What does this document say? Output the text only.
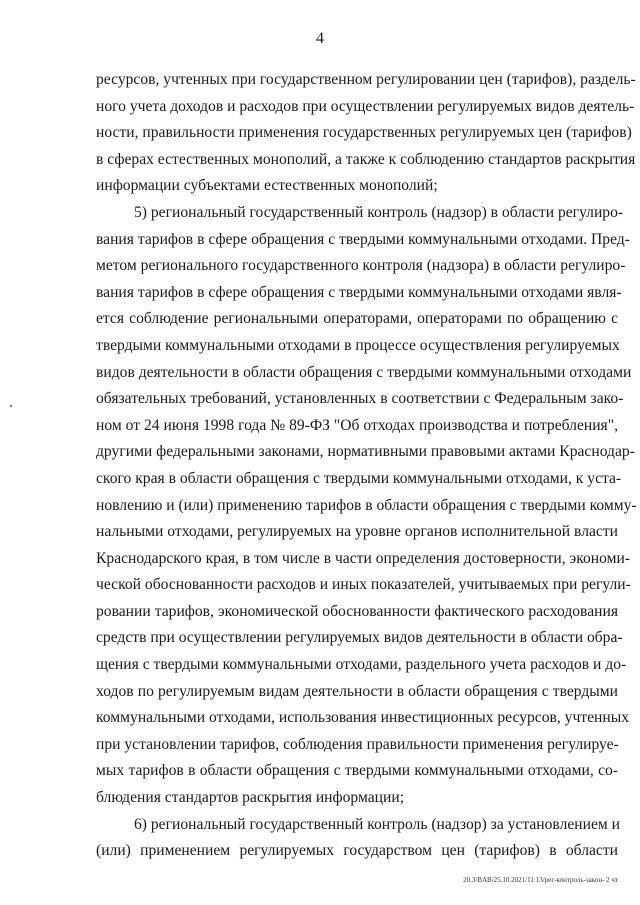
4
ресурсов, учтенных при государственном регулировании цен (тарифов), раздель-
ного учета доходов и расходов при осуществлении регулируемых видов деятель-
ности, правильности применения государственных регулируемых цен (тарифов)
в сферах естественных монополий, а также к соблюдению стандартов раскрытия
информации субъектами естественных монополий;
5) региональный государственный контроль (надзор) в области регулиро-
вания тарифов в сфере обращения с твердыми коммунальными отходами. Пред-
метом регионального государственного контроля (надзора) в области регулиро-
вания тарифов в сфере обращения с твердыми коммунальными отходами явля-
ется соблюдение региональными операторами, операторами по обращению с
твердыми коммунальными отходами в процессе осуществления регулируемых
видов деятельности в области обращения с твердыми коммунальными отходами
обязательных требований, установленных в соответствии с Федеральным зако-
ном от 24 июня 1998 года № 89-ФЗ "Об отходах производства и потребления",
другими федеральными законами, нормативными правовыми актами Краснодар-
ского края в области обращения с твердыми коммунальными отходами, к уста-
новлению и (или) применению тарифов в области обращения с твердыми комму-
нальными отходами, регулируемых на уровне органов исполнительной власти
Краснодарского края, в том числе в части определения достоверности, экономи-
ческой обоснованности расходов и иных показателей, учитываемых при регули-
ровании тарифов, экономической обоснованности фактического расходования
средств при осуществлении регулируемых видов деятельности в области обра-
щения с твердыми коммунальными отходами, раздельного учета расходов и до-
ходов по регулируемым видам деятельности в области обращения с твердыми
коммунальными отходами, использования инвестиционных ресурсов, учтенных
при установлении тарифов, соблюдения правильности применения регулируе-
мых тарифов в области обращения с твердыми коммунальными отходами, со-
блюдения стандартов раскрытия информации;
6) региональный государственный контроль (надзор) за установлением и
(или) применением регулируемых государством цен (тарифов) в области
20.3/BAB/25.10.2021/11:13/рег-контроль-закон- 2 чт
